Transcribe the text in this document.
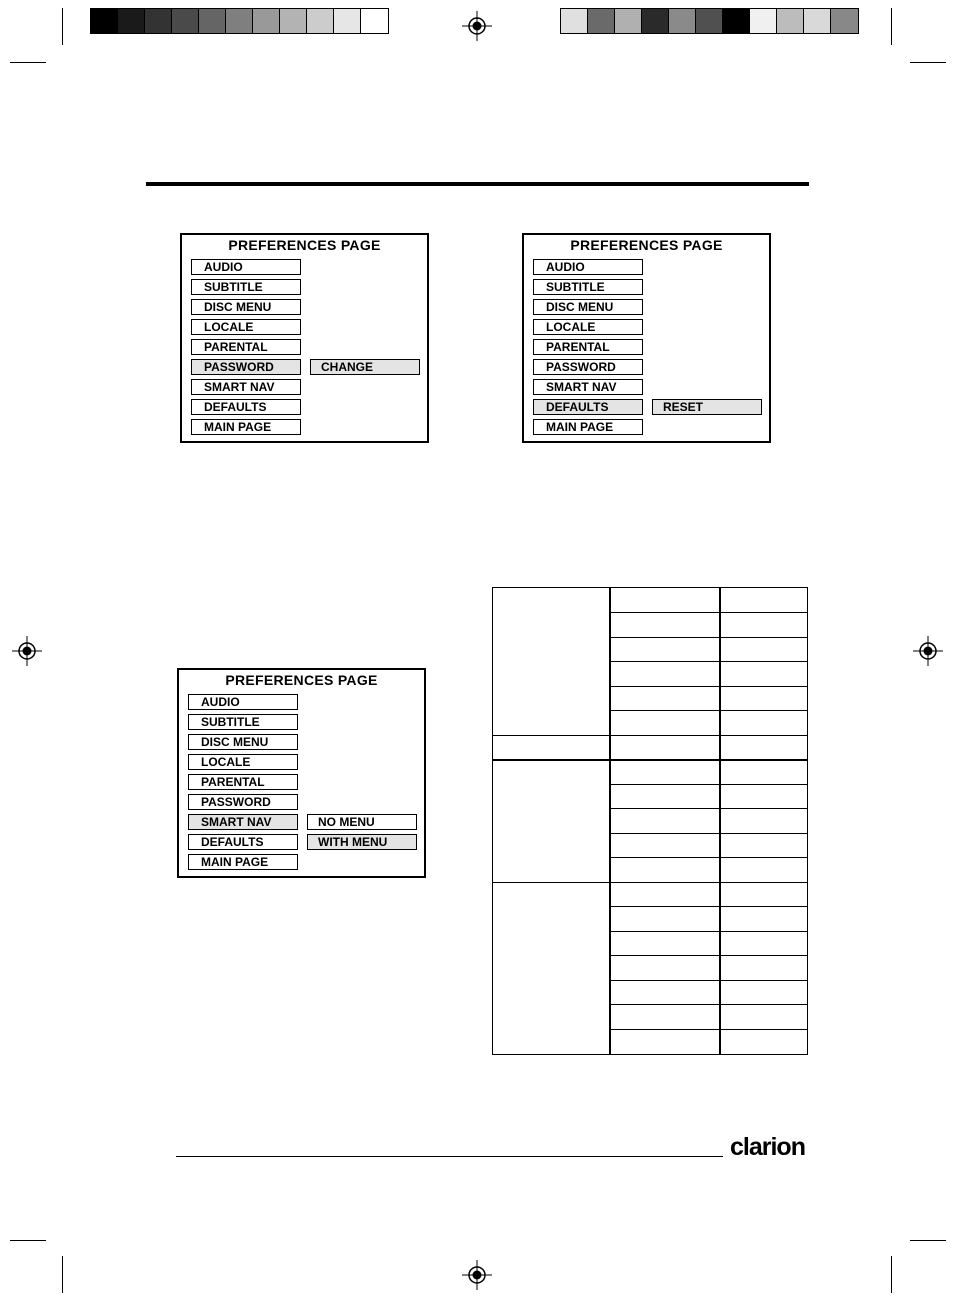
PREFERENCES PAGE
AUDIO
SUBTITLE
DISC MENU
LOCALE
PARENTAL
PASSWORD
SMART NAV
DEFAULTS
MAIN PAGE
CHANGE
PREFERENCES PAGE
AUDIO
SUBTITLE
DISC MENU
LOCALE
PARENTAL
PASSWORD
SMART NAV
DEFAULTS
MAIN PAGE
RESET
PREFERENCES PAGE
AUDIO
SUBTITLE
DISC MENU
LOCALE
PARENTAL
PASSWORD
SMART NAV
DEFAULTS
MAIN PAGE
NO MENU
WITH MENU
clarion
